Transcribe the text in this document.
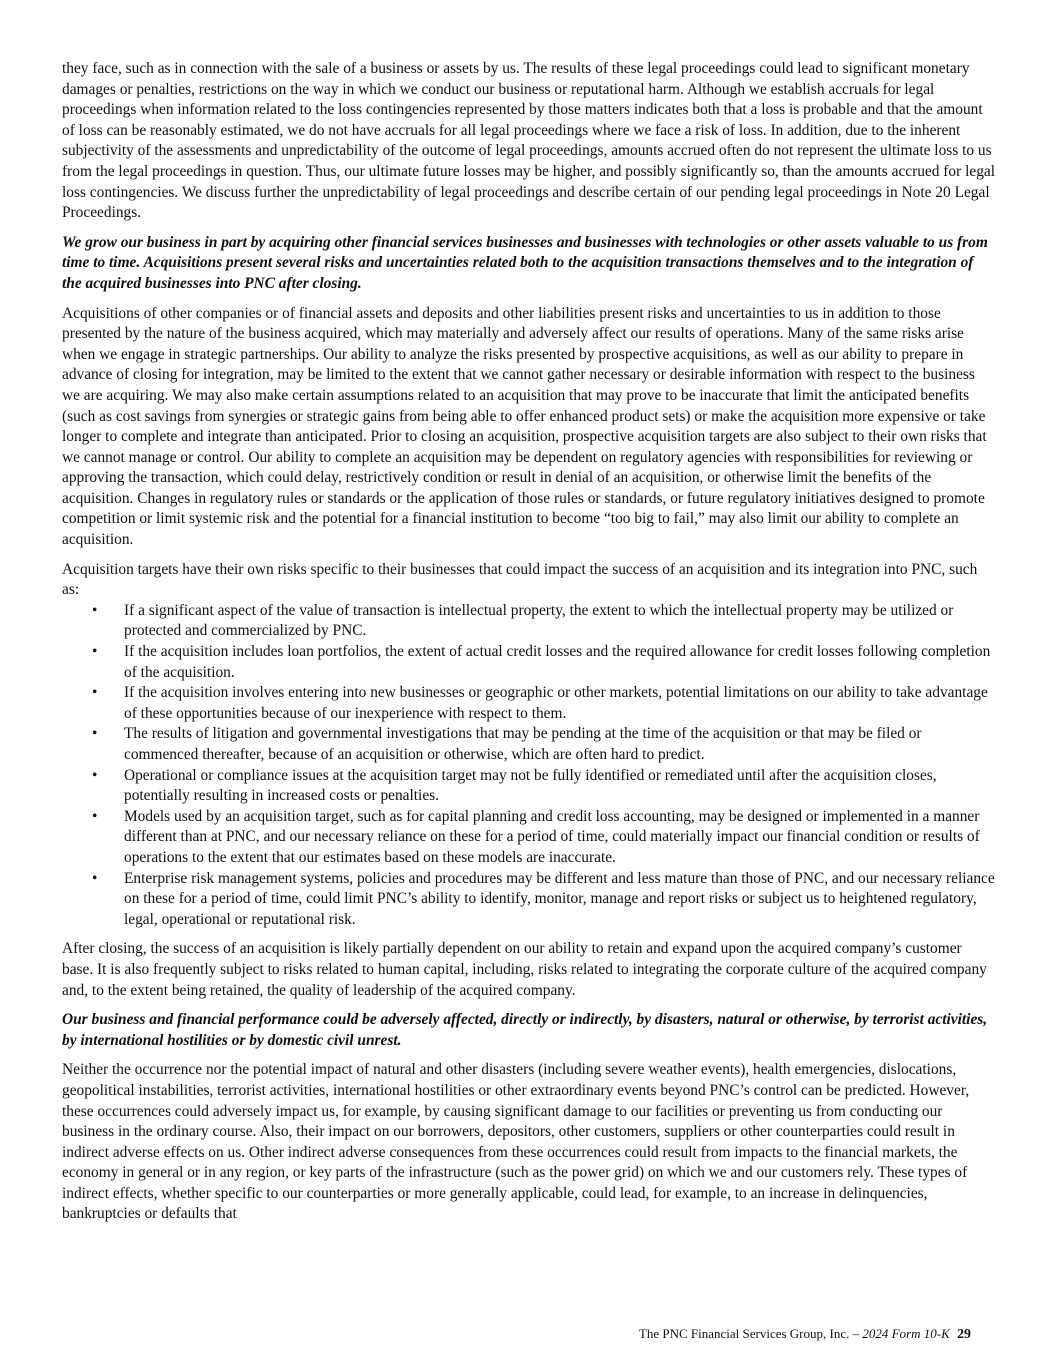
they face, such as in connection with the sale of a business or assets by us. The results of these legal proceedings could lead to significant monetary damages or penalties, restrictions on the way in which we conduct our business or reputational harm. Although we establish accruals for legal proceedings when information related to the loss contingencies represented by those matters indicates both that a loss is probable and that the amount of loss can be reasonably estimated, we do not have accruals for all legal proceedings where we face a risk of loss. In addition, due to the inherent subjectivity of the assessments and unpredictability of the outcome of legal proceedings, amounts accrued often do not represent the ultimate loss to us from the legal proceedings in question. Thus, our ultimate future losses may be higher, and possibly significantly so, than the amounts accrued for legal loss contingencies. We discuss further the unpredictability of legal proceedings and describe certain of our pending legal proceedings in Note 20 Legal Proceedings.

We grow our business in part by acquiring other financial services businesses and businesses with technologies or other assets valuable to us from time to time. Acquisitions present several risks and uncertainties related both to the acquisition transactions themselves and to the integration of the acquired businesses into PNC after closing.

Acquisitions of other companies or of financial assets and deposits and other liabilities present risks and uncertainties to us in addition to those presented by the nature of the business acquired, which may materially and adversely affect our results of operations. Many of the same risks arise when we engage in strategic partnerships. Our ability to analyze the risks presented by prospective acquisitions, as well as our ability to prepare in advance of closing for integration, may be limited to the extent that we cannot gather necessary or desirable information with respect to the business we are acquiring. We may also make certain assumptions related to an acquisition that may prove to be inaccurate that limit the anticipated benefits (such as cost savings from synergies or strategic gains from being able to offer enhanced product sets) or make the acquisition more expensive or take longer to complete and integrate than anticipated. Prior to closing an acquisition, prospective acquisition targets are also subject to their own risks that we cannot manage or control. Our ability to complete an acquisition may be dependent on regulatory agencies with responsibilities for reviewing or approving the transaction, which could delay, restrictively condition or result in denial of an acquisition, or otherwise limit the benefits of the acquisition. Changes in regulatory rules or standards or the application of those rules or standards, or future regulatory initiatives designed to promote competition or limit systemic risk and the potential for a financial institution to become “too big to fail,” may also limit our ability to complete an acquisition.

Acquisition targets have their own risks specific to their businesses that could impact the success of an acquisition and its integration into PNC, such as:

• If a significant aspect of the value of transaction is intellectual property, the extent to which the intellectual property may be utilized or protected and commercialized by PNC.
• If the acquisition includes loan portfolios, the extent of actual credit losses and the required allowance for credit losses following completion of the acquisition.
• If the acquisition involves entering into new businesses or geographic or other markets, potential limitations on our ability to take advantage of these opportunities because of our inexperience with respect to them.
• The results of litigation and governmental investigations that may be pending at the time of the acquisition or that may be filed or commenced thereafter, because of an acquisition or otherwise, which are often hard to predict.
• Operational or compliance issues at the acquisition target may not be fully identified or remediated until after the acquisition closes, potentially resulting in increased costs or penalties.
• Models used by an acquisition target, such as for capital planning and credit loss accounting, may be designed or implemented in a manner different than at PNC, and our necessary reliance on these for a period of time, could materially impact our financial condition or results of operations to the extent that our estimates based on these models are inaccurate.
• Enterprise risk management systems, policies and procedures may be different and less mature than those of PNC, and our necessary reliance on these for a period of time, could limit PNC’s ability to identify, monitor, manage and report risks or subject us to heightened regulatory, legal, operational or reputational risk.

After closing, the success of an acquisition is likely partially dependent on our ability to retain and expand upon the acquired company’s customer base. It is also frequently subject to risks related to human capital, including, risks related to integrating the corporate culture of the acquired company and, to the extent being retained, the quality of leadership of the acquired company.

Our business and financial performance could be adversely affected, directly or indirectly, by disasters, natural or otherwise, by terrorist activities, by international hostilities or by domestic civil unrest.

Neither the occurrence nor the potential impact of natural and other disasters (including severe weather events), health emergencies, dislocations, geopolitical instabilities, terrorist activities, international hostilities or other extraordinary events beyond PNC’s control can be predicted. However, these occurrences could adversely impact us, for example, by causing significant damage to our facilities or preventing us from conducting our business in the ordinary course. Also, their impact on our borrowers, depositors, other customers, suppliers or other counterparties could result in indirect adverse effects on us. Other indirect adverse consequences from these occurrences could result from impacts to the financial markets, the economy in general or in any region, or key parts of the infrastructure (such as the power grid) on which we and our customers rely. These types of indirect effects, whether specific to our counterparties or more generally applicable, could lead, for example, to an increase in delinquencies, bankruptcies or defaults that

The PNC Financial Services Group, Inc. – 2024 Form 10-K 29
